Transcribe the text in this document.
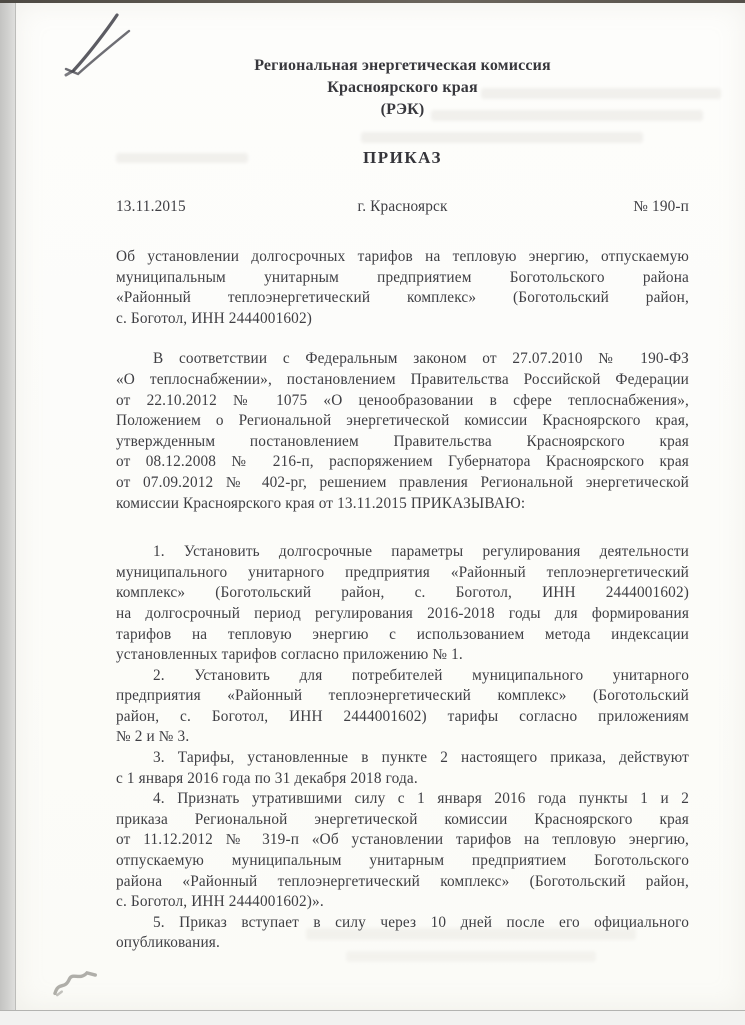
Региональная энергетическая комиссия
Красноярского края
(РЭК)
ПРИКАЗ
13.11.2015	г. Красноярск	№ 190-п
Об установлении долгосрочных тарифов на тепловую энергию, отпускаемую
муниципальным унитарным предприятием Боготольского района
«Районный теплоэнергетический комплекс» (Боготольский район,
с. Боготол, ИНН 2444001602)
В соответствии с Федеральным законом от 27.07.2010 № 190-ФЗ
«О теплоснабжении», постановлением Правительства Российской Федерации
от 22.10.2012 № 1075 «О ценообразовании в сфере теплоснабжения»,
Положением о Региональной энергетической комиссии Красноярского края,
утвержденным постановлением Правительства Красноярского края
от 08.12.2008 № 216-п, распоряжением Губернатора Красноярского края
от 07.09.2012 № 402-рг, решением правления Региональной энергетической
комиссии Красноярского края от 13.11.2015 ПРИКАЗЫВАЮ:
1. Установить долгосрочные параметры регулирования деятельности
муниципального унитарного предприятия «Районный теплоэнергетический
комплекс» (Боготольский район, с. Боготол, ИНН 2444001602)
на долгосрочный период регулирования 2016-2018 годы для формирования
тарифов на тепловую энергию с использованием метода индексации
установленных тарифов согласно приложению № 1.
2. Установить для потребителей муниципального унитарного
предприятия «Районный теплоэнергетический комплекс» (Боготольский
район, с. Боготол, ИНН 2444001602) тарифы согласно приложениям
№ 2 и № 3.
3. Тарифы, установленные в пункте 2 настоящего приказа, действуют
с 1 января 2016 года по 31 декабря 2018 года.
4. Признать утратившими силу с 1 января 2016 года пункты 1 и 2
приказа Региональной энергетической комиссии Красноярского края
от 11.12.2012 № 319-п «Об установлении тарифов на тепловую энергию,
отпускаемую муниципальным унитарным предприятием Боготольского
района «Районный теплоэнергетический комплекс» (Боготольский район,
с. Боготол, ИНН 2444001602)».
5. Приказ вступает в силу через 10 дней после его официального
опубликования.
